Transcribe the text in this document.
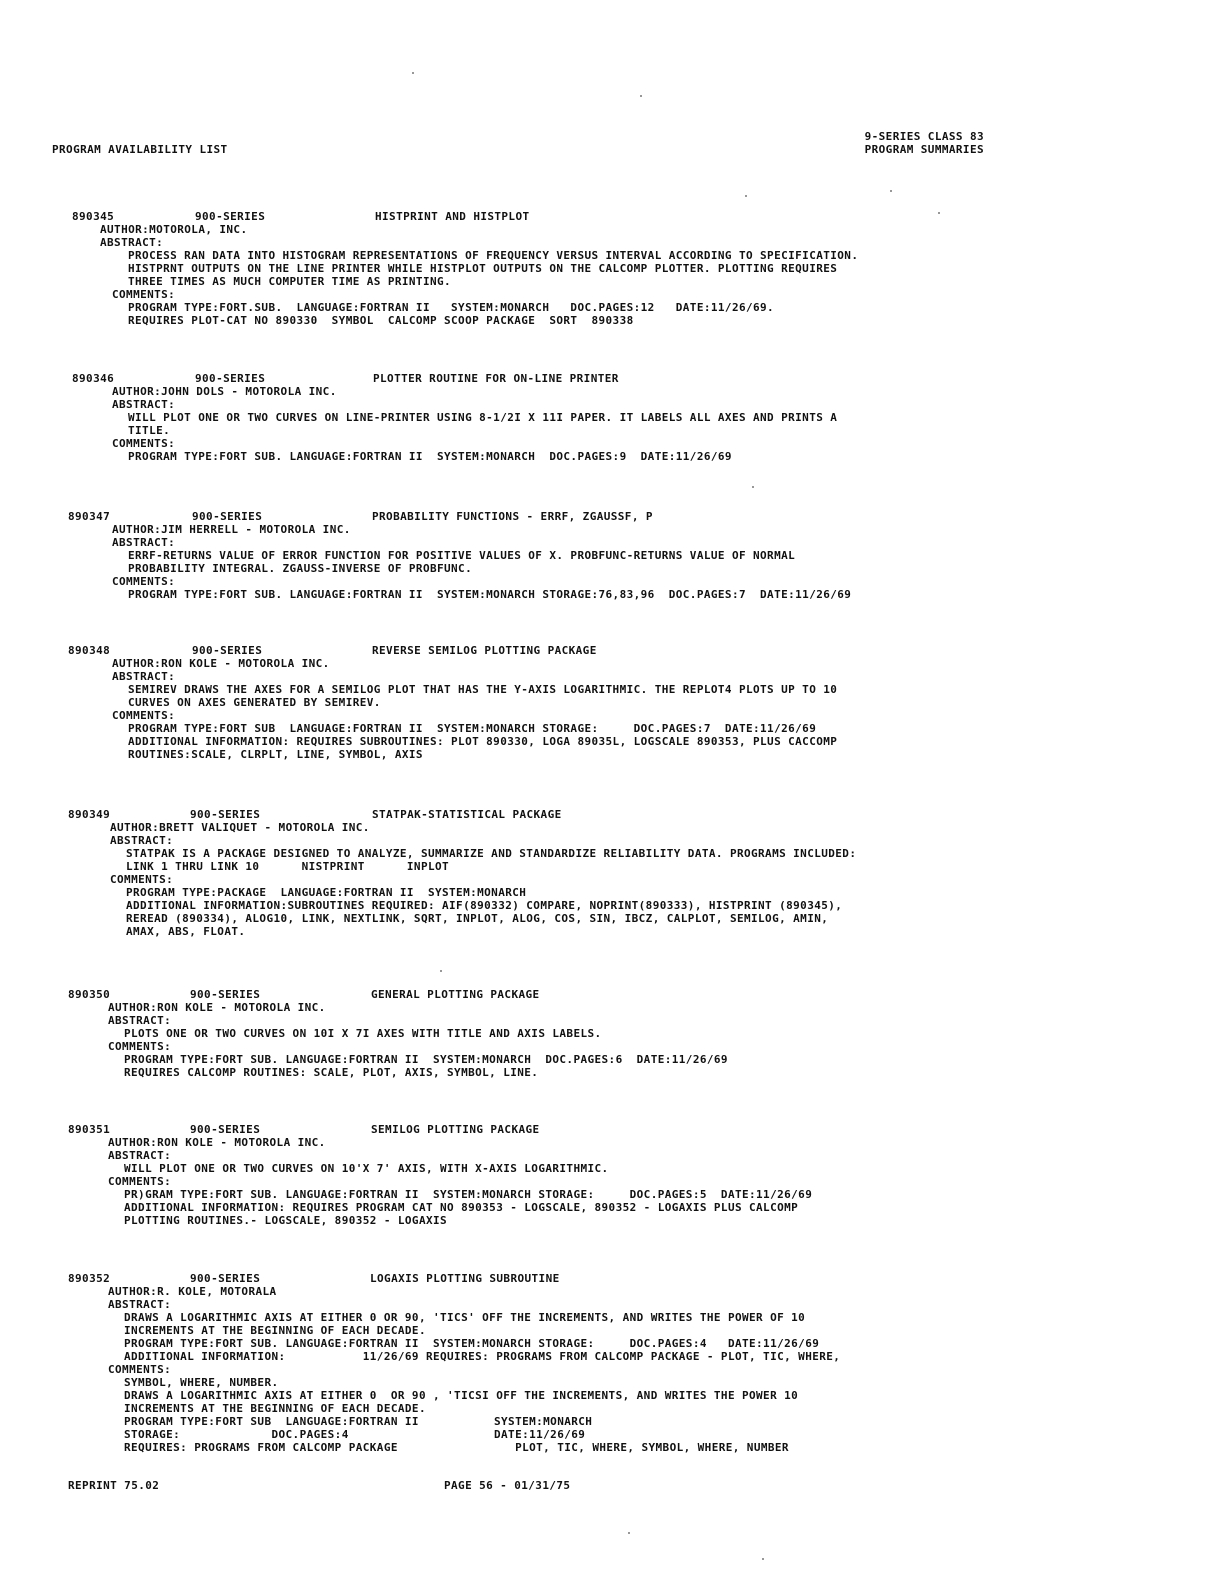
PROGRAM AVAILABILITY LIST
9-SERIES CLASS 83
PROGRAM SUMMARIES
890345	900-SERIES	HISTPRINT AND HISTPLOT
AUTHOR:MOTOROLA, INC.
ABSTRACT:
PROCESS RAN DATA INTO HISTOGRAM REPRESENTATIONS OF FREQUENCY VERSUS INTERVAL ACCORDING TO SPECIFICATION.
HISTPRNT OUTPUTS ON THE LINE PRINTER WHILE HISTPLOT OUTPUTS ON THE CALCOMP PLOTTER. PLOTTING REQUIRES
THREE TIMES AS MUCH COMPUTER TIME AS PRINTING.
COMMENTS:
PROGRAM TYPE:FORT.SUB.  LANGUAGE:FORTRAN II   SYSTEM:MONARCH   DOC.PAGES:12   DATE:11/26/69.
REQUIRES PLOT-CAT NO 890330  SYMBOL  CALCOMP SCOOP PACKAGE  SORT  890338
890346	900-SERIES	PLOTTER ROUTINE FOR ON-LINE PRINTER
AUTHOR:JOHN DOLS - MOTOROLA INC.
ABSTRACT:
WILL PLOT ONE OR TWO CURVES ON LINE-PRINTER USING 8-1/2I X 11I PAPER. IT LABELS ALL AXES AND PRINTS A
TITLE.
COMMENTS:
PROGRAM TYPE:FORT SUB. LANGUAGE:FORTRAN II  SYSTEM:MONARCH  DOC.PAGES:9  DATE:11/26/69
890347	900-SERIES	PROBABILITY FUNCTIONS - ERRF, ZGAUSSF, P
AUTHOR:JIM HERRELL - MOTOROLA INC.
ABSTRACT:
ERRF-RETURNS VALUE OF ERROR FUNCTION FOR POSITIVE VALUES OF X. PROBFUNC-RETURNS VALUE OF NORMAL
PROBABILITY INTEGRAL. ZGAUSS-INVERSE OF PROBFUNC.
COMMENTS:
PROGRAM TYPE:FORT SUB. LANGUAGE:FORTRAN II  SYSTEM:MONARCH STORAGE:76,83,96  DOC.PAGES:7  DATE:11/26/69
890348	900-SERIES	REVERSE SEMILOG PLOTTING PACKAGE
AUTHOR:RON KOLE - MOTOROLA INC.
ABSTRACT:
SEMIREV DRAWS THE AXES FOR A SEMILOG PLOT THAT HAS THE Y-AXIS LOGARITHMIC. THE REPLOT4 PLOTS UP TO 10
CURVES ON AXES GENERATED BY SEMIREV.
COMMENTS:
PROGRAM TYPE:FORT SUB  LANGUAGE:FORTRAN II  SYSTEM:MONARCH STORAGE:     DOC.PAGES:7  DATE:11/26/69
ADDITIONAL INFORMATION: REQUIRES SUBROUTINES: PLOT 890330, LOGA 89035L, LOGSCALE 890353, PLUS CACCOMP
ROUTINES:SCALE, CLRPLT, LINE, SYMBOL, AXIS
890349	900-SERIES	STATPAK-STATISTICAL PACKAGE
AUTHOR:BRETT VALIQUET - MOTOROLA INC.
ABSTRACT:
STATPAK IS A PACKAGE DESIGNED TO ANALYZE, SUMMARIZE AND STANDARDIZE RELIABILITY DATA. PROGRAMS INCLUDED:
LINK 1 THRU LINK 10      NISTPRINT      INPLOT
COMMENTS:
PROGRAM TYPE:PACKAGE  LANGUAGE:FORTRAN II  SYSTEM:MONARCH
ADDITIONAL INFORMATION:SUBROUTINES REQUIRED: AIF(890332) COMPARE, NOPRINT(890333), HISTPRINT (890345),
REREAD (890334), ALOG10, LINK, NEXTLINK, SQRT, INPLOT, ALOG, COS, SIN, IBCZ, CALPLOT, SEMILOG, AMIN,
AMAX, ABS, FLOAT.
890350	900-SERIES	GENERAL PLOTTING PACKAGE
AUTHOR:RON KOLE - MOTOROLA INC.
ABSTRACT:
PLOTS ONE OR TWO CURVES ON 10I X 7I AXES WITH TITLE AND AXIS LABELS.
COMMENTS:
PROGRAM TYPE:FORT SUB. LANGUAGE:FORTRAN II  SYSTEM:MONARCH  DOC.PAGES:6  DATE:11/26/69
REQUIRES CALCOMP ROUTINES: SCALE, PLOT, AXIS, SYMBOL, LINE.
890351	900-SERIES	SEMILOG PLOTTING PACKAGE
AUTHOR:RON KOLE - MOTOROLA INC.
ABSTRACT:
WILL PLOT ONE OR TWO CURVES ON 10'X 7' AXIS, WITH X-AXIS LOGARITHMIC.
COMMENTS:
PR)GRAM TYPE:FORT SUB. LANGUAGE:FORTRAN II  SYSTEM:MONARCH STORAGE:     DOC.PAGES:5  DATE:11/26/69
ADDITIONAL INFORMATION: REQUIRES PROGRAM CAT NO 890353 - LOGSCALE, 890352 - LOGAXIS PLUS CALCOMP
PLOTTING ROUTINES.- LOGSCALE, 890352 - LOGAXIS
890352	900-SERIES	LOGAXIS PLOTTING SUBROUTINE
AUTHOR:R. KOLE, MOTORALA
ABSTRACT:
DRAWS A LOGARITHMIC AXIS AT EITHER 0 OR 90, 'TICS' OFF THE INCREMENTS, AND WRITES THE POWER OF 10
INCREMENTS AT THE BEGINNING OF EACH DECADE.
PROGRAM TYPE:FORT SUB. LANGUAGE:FORTRAN II  SYSTEM:MONARCH STORAGE:     DOC.PAGES:4   DATE:11/26/69
ADDITIONAL INFORMATION:           11/26/69 REQUIRES: PROGRAMS FROM CALCOMP PACKAGE - PLOT, TIC, WHERE,
COMMENTS:
SYMBOL, WHERE, NUMBER.
DRAWS A LOGARITHMIC AXIS AT EITHER 0  OR 90 , 'TICSI OFF THE INCREMENTS, AND WRITES THE POWER 10
INCREMENTS AT THE BEGINNING OF EACH DECADE.
PROGRAM TYPE:FORT SUB  LANGUAGE:FORTRAN II	SYSTEM:MONARCH
STORAGE:             DOC.PAGES:4	DATE:11/26/69
REQUIRES: PROGRAMS FROM CALCOMP PACKAGE	PLOT, TIC, WHERE, SYMBOL, WHERE, NUMBER
REPRINT 75.02	PAGE 56 - 01/31/75
